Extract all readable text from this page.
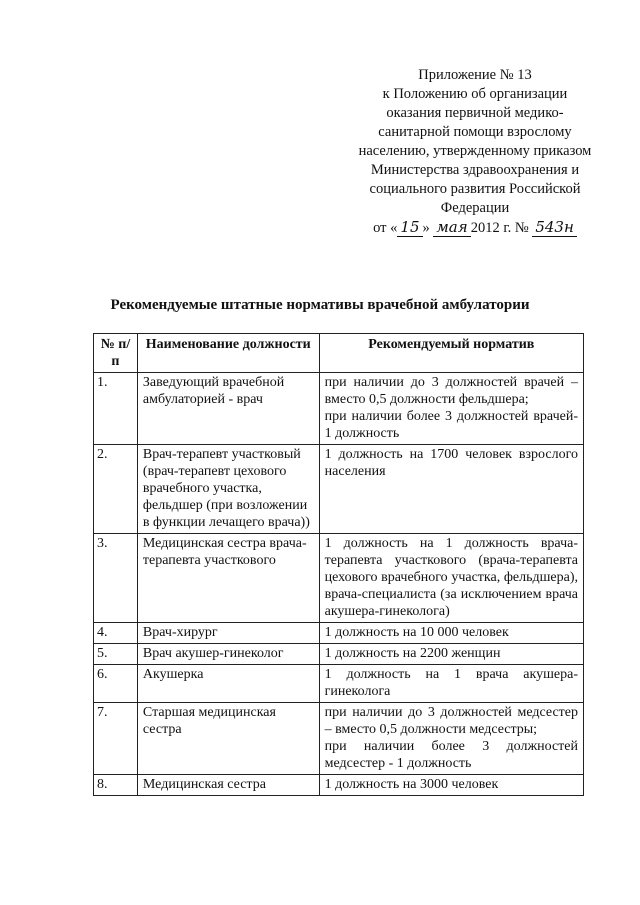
Приложение № 13
к Положению об организации
оказания первичной медико-
санитарной помощи взрослому
населению, утвержденному приказом
Министерства здравоохранения и
социального развития Российской
Федерации
от « 15 » мая 2012 г. № 543н
Рекомендуемые штатные нормативы врачебной амбулатории
№ п/п	Наименование должности	Рекомендуемый норматив
1.	Заведующий врачебной амбулаторией - врач	при наличии до 3 должностей врачей – вместо 0,5 должности фельдшера;
при наличии более 3 должностей врачей- 1 должность

2.	Врач-терапевт участковый (врач-терапевт цехового врачебного участка, фельдшер (при возложении в функции лечащего врача))	1 должность на 1700 человек взрослого населения

3.	Медицинская сестра врача-терапевта участкового	1 должность на 1 должность врача-терапевта участкового (врача-терапевта цехового врачебного участка, фельдшера), врача-специалиста (за исключением врача акушера-гинеколога)

4.	Врач-хирург	1 должность на 10 000 человек

5.	Врач акушер-гинеколог	1 должность на 2200 женщин

6.	Акушерка	1 должность на 1 врача акушера-гинеколога

7.	Старшая медицинская сестра	при наличии до 3 должностей медсестер – вместо 0,5 должности медсестры;
при наличии более 3 должностей медсестер - 1 должность

8.	Медицинская сестра	1 должность на 3000 человек
